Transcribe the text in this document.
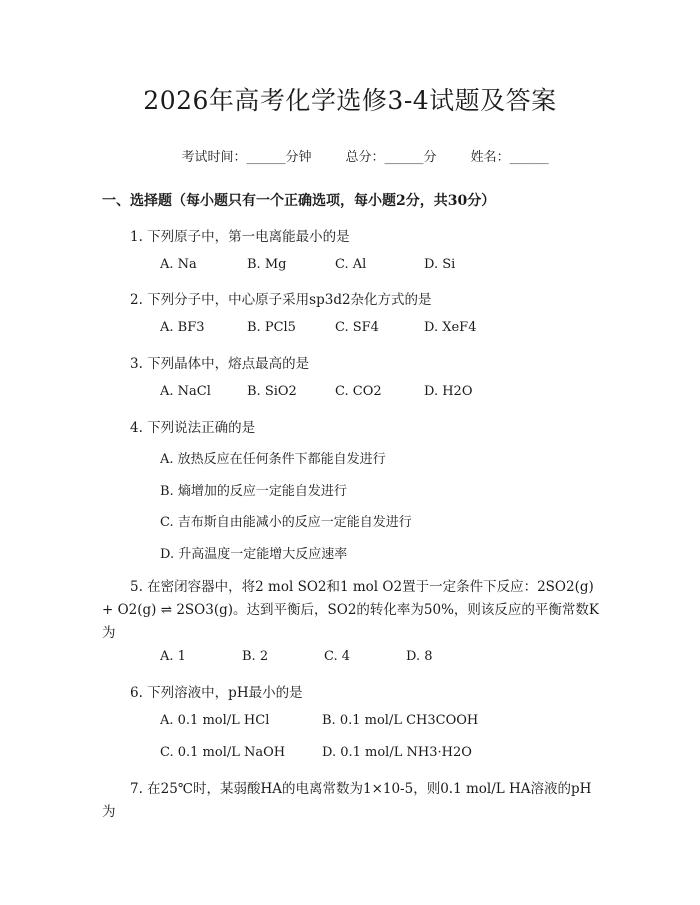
2026年高考化学选修3-4试题及答案

考试时间：______分钟	总分：______分	姓名：______

一、选择题（每小题只有一个正确选项，每小题2分，共30分）
1. 下列原子中，第一电离能最小的是
A. Na	B. Mg	C. Al	D. Si
2. 下列分子中，中心原子采用sp3d2杂化方式的是
A. BF3	B. PCl5	C. SF4	D. XeF4
3. 下列晶体中，熔点最高的是
A. NaCl	B. SiO2	C. CO2	D. H2O
4. 下列说法正确的是
A. 放热反应在任何条件下都能自发进行
B. 熵增加的反应一定能自发进行
C. 吉布斯自由能减小的反应一定能自发进行
D. 升高温度一定能增大反应速率
5. 在密闭容器中，将2 mol SO2和1 mol O2置于一定条件下反应：2SO2(g)
+ O2(g) ⇌ 2SO3(g)。达到平衡后，SO2的转化率为50%，则该反应的平衡常数K
为
A. 1	B. 2	C. 4	D. 8
6. 下列溶液中，pH最小的是
A. 0.1 mol/L HCl	B. 0.1 mol/L CH3COOH
C. 0.1 mol/L NaOH	D. 0.1 mol/L NH3·H2O
7. 在25℃时，某弱酸HA的电离常数为1×10-5，则0.1 mol/L HA溶液的pH
为
